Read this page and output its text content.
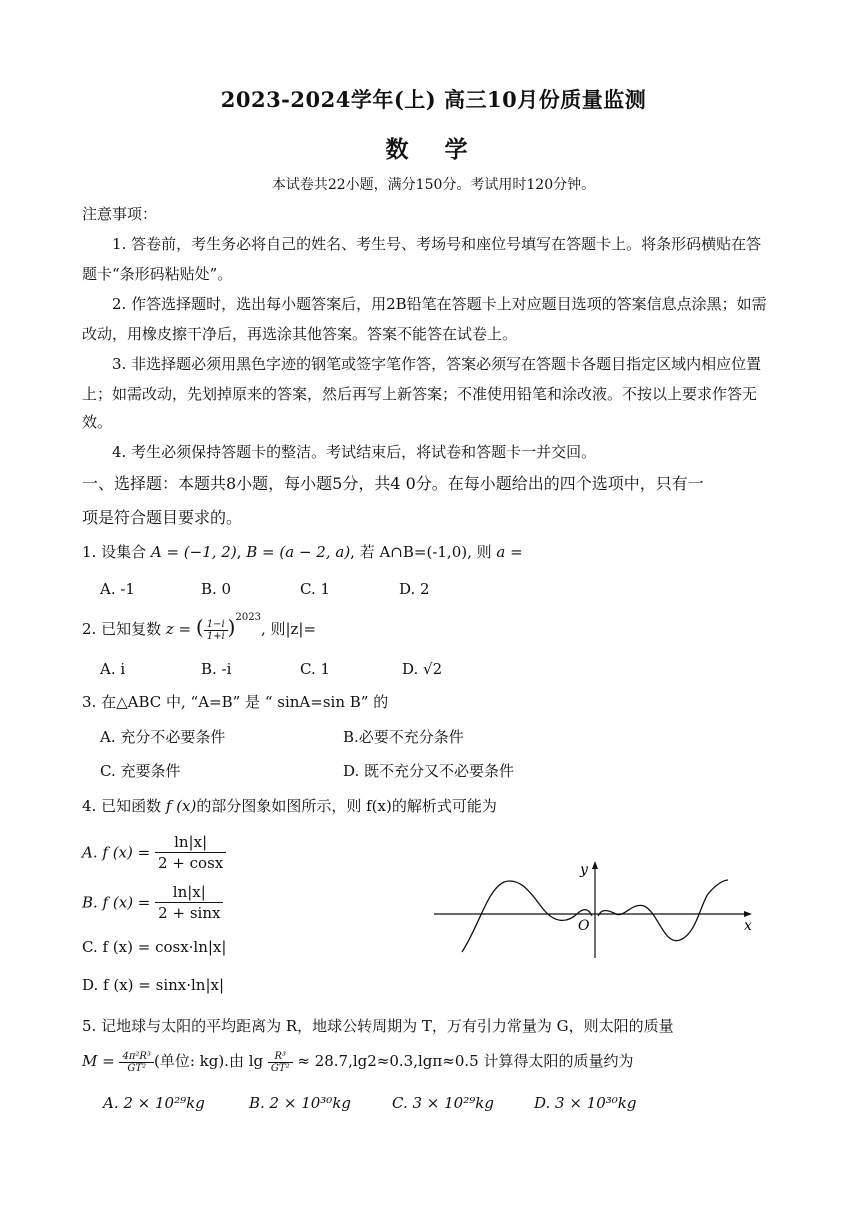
2023-2024学年(上) 高三10月份质量监测
数 学
本试卷共22小题，满分150分。考试用时120分钟。
注意事项：
1. 答卷前，考生务必将自己的姓名、考生号、考场号和座位号填写在答题卡上。将条形码横贴在答
题卡“条形码粘贴处”。
2. 作答选择题时，选出每小题答案后，用2B铅笔在答题卡上对应题目选项的答案信息点涂黑；如需
改动，用橡皮擦干净后，再选涂其他答案。答案不能答在试卷上。
3. 非选择题必须用黑色字迹的钢笔或签字笔作答，答案必须写在答题卡各题目指定区域内相应位置
上；如需改动，先划掉原来的答案，然后再写上新答案；不准使用铅笔和涂改液。不按以上要求作答无
效。
4. 考生必须保持答题卡的整洁。考试结束后，将试卷和答题卡一并交回。
一、选择题：本题共8小题，每小题5分，共4 0分。在每小题给出的四个选项中，只有一
项是符合题目要求的。
1. 设集合 A = (−1, 2), B = (a − 2, a), 若 A∩B=(-1,0), 则 a =
A. -1	B. 0	C. 1	D. 2
2. 已知复数 z = ( $\frac{1-i}{1+i} )^{2023}$, 则|z|=
A. i	B. -i	C. 1	D. √2
3. 在△ABC 中, “A=B” 是 “ sinA=sin B” 的
A. 充分不必要条件	B.必要不充分条件
C. 充要条件	D. 既不充分又不必要条件
4. 已知函数 f (x)的部分图象如图所示，则 f(x)的解析式可能为
A. f $(x) = \frac{\ln|x|}{2 + \cos x}$
B. f $(x) = \frac{\ln|x|}{2 + \sin x}$
C. f (x) = cosx·ln|x|
D. f (x) = sinx·ln|x|
y
x
O
5. 记地球与太阳的平均距离为 R，地球公转周期为 T，万有引力常量为 G，则太阳的质量
$M = \frac{\text{4π²R³}}{\text{GT²}}$ (单位: kg).由 $\lg \frac{\text{R³}}{\text{GT²}} \approx 28.7,\lg 2\approx 0.3,\lg\pi\approx 0.5$ 计算得太阳的质量约为
A. 2 × 10²⁹kg	B. 2 × 10³⁰kg	C. 3 × 10²⁹kg	D. 3 × 10³⁰kg
